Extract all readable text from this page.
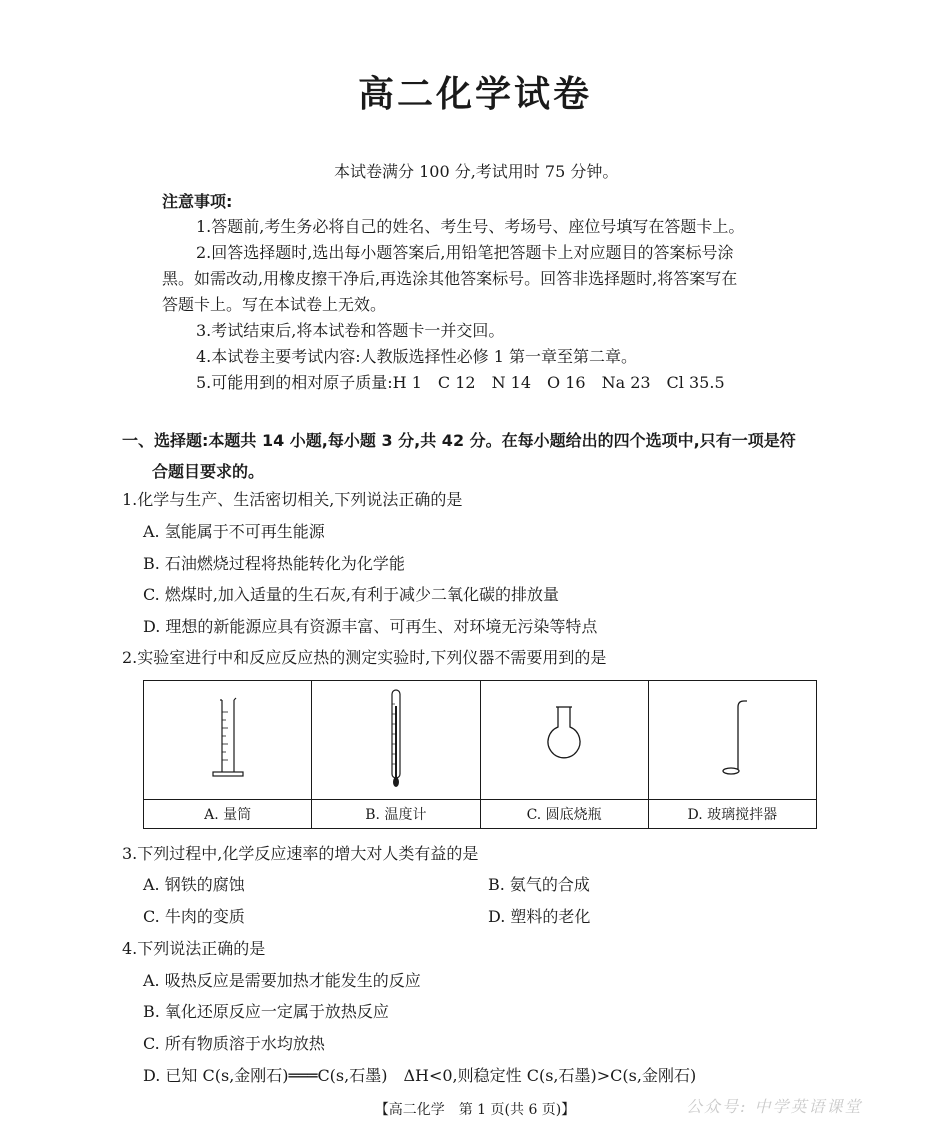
高二化学试卷
本试卷满分 100 分,考试用时 75 分钟。
注意事项:
1.答题前,考生务必将自己的姓名、考生号、考场号、座位号填写在答题卡上。
2.回答选择题时,选出每小题答案后,用铅笔把答题卡上对应题目的答案标号涂
黑。如需改动,用橡皮擦干净后,再选涂其他答案标号。回答非选择题时,将答案写在
答题卡上。写在本试卷上无效。
3.考试结束后,将本试卷和答题卡一并交回。
4.本试卷主要考试内容:人教版选择性必修 1 第一章至第二章。
5.可能用到的相对原子质量:H 1　C 12　N 14　O 16　Na 23　Cl 35.5
一、选择题:本题共 14 小题,每小题 3 分,共 42 分。在每小题给出的四个选项中,只有一项是符
合题目要求的。
1.化学与生产、生活密切相关,下列说法正确的是
A. 氢能属于不可再生能源
B. 石油燃烧过程将热能转化为化学能
C. 燃煤时,加入适量的生石灰,有利于减少二氧化碳的排放量
D. 理想的新能源应具有资源丰富、可再生、对环境无污染等特点
2.实验室进行中和反应反应热的测定实验时,下列仪器不需要用到的是

A. 量筒	B. 温度计	C. 圆底烧瓶	D. 玻璃搅拌器
3.下列过程中,化学反应速率的增大对人类有益的是
A. 钢铁的腐蚀	B. 氨气的合成
C. 牛肉的变质	D. 塑料的老化
4.下列说法正确的是
A. 吸热反应是需要加热才能发生的反应
B. 氧化还原反应一定属于放热反应
C. 所有物质溶于水均放热
D. 已知 C(s,金刚石)═══C(s,石墨)　ΔH<0,则稳定性 C(s,石墨)>C(s,金刚石)
【高二化学　第 1 页(共 6 页)】	公众号: 中学英语课堂
